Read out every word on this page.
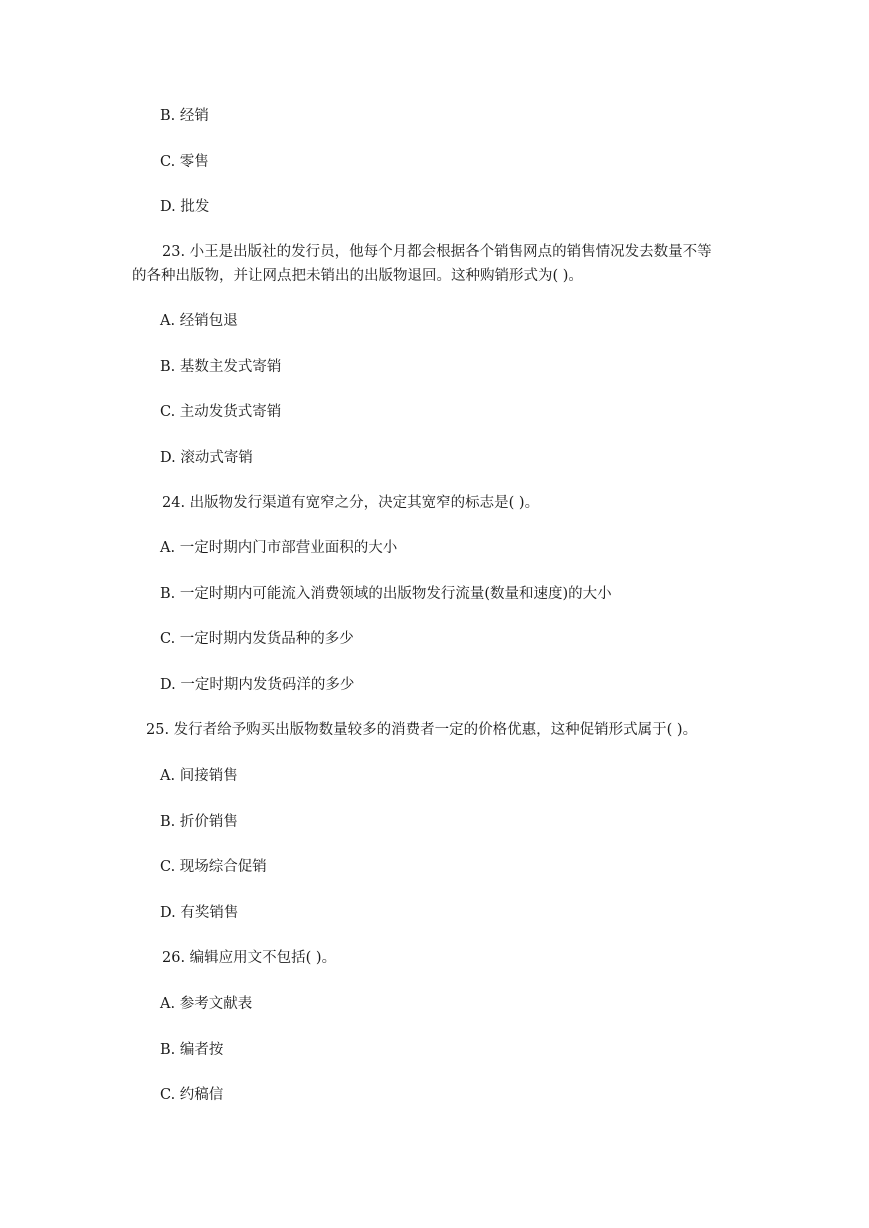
B. 经销
C. 零售
D. 批发
23. 小王是出版社的发行员，他每个月都会根据各个销售网点的销售情况发去数量不等
的各种出版物，并让网点把未销出的出版物退回。这种购销形式为( )。
A. 经销包退
B. 基数主发式寄销
C. 主动发货式寄销
D. 滚动式寄销
24. 出版物发行渠道有宽窄之分，决定其宽窄的标志是( )。
A. 一定时期内门市部营业面积的大小
B. 一定时期内可能流入消费领域的出版物发行流量(数量和速度)的大小
C. 一定时期内发货品种的多少
D. 一定时期内发货码洋的多少
25. 发行者给予购买出版物数量较多的消费者一定的价格优惠，这种促销形式属于( )。
A. 间接销售
B. 折价销售
C. 现场综合促销
D. 有奖销售
26. 编辑应用文不包括( )。
A. 参考文献表
B. 编者按
C. 约稿信
